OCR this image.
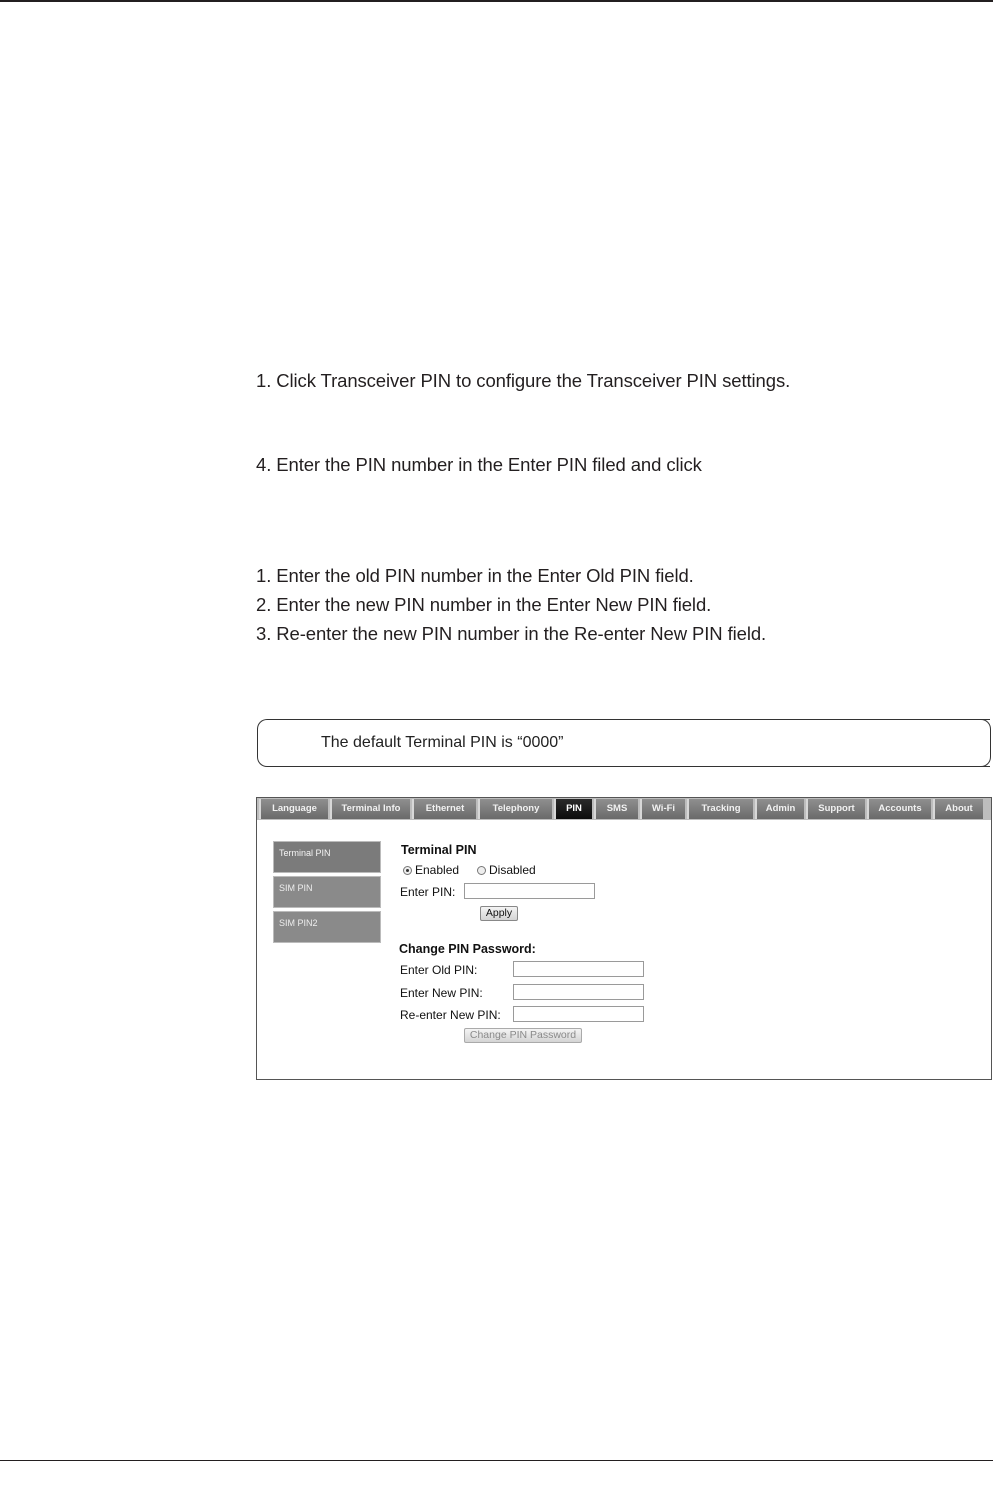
1. Click Transceiver PIN to configure the Transceiver PIN settings.
4. Enter the PIN number in the Enter PIN filed and click
1. Enter the old PIN number in the Enter Old PIN field.
2. Enter the new PIN number in the Enter New PIN field.
3. Re-enter the new PIN number in the Re-enter New PIN field.
The default Terminal PIN is “0000”
Language	Terminal Info	Ethernet	Telephony	PIN	SMS	Wi-Fi	Tracking	Admin	Support	Accounts	About
Terminal PIN
SIM PIN
SIM PIN2
Terminal PIN
Enabled	Disabled
Enter PIN:
Apply
Change PIN Password:
Enter Old PIN:
Enter New PIN:
Re-enter New PIN:
Change PIN Password
